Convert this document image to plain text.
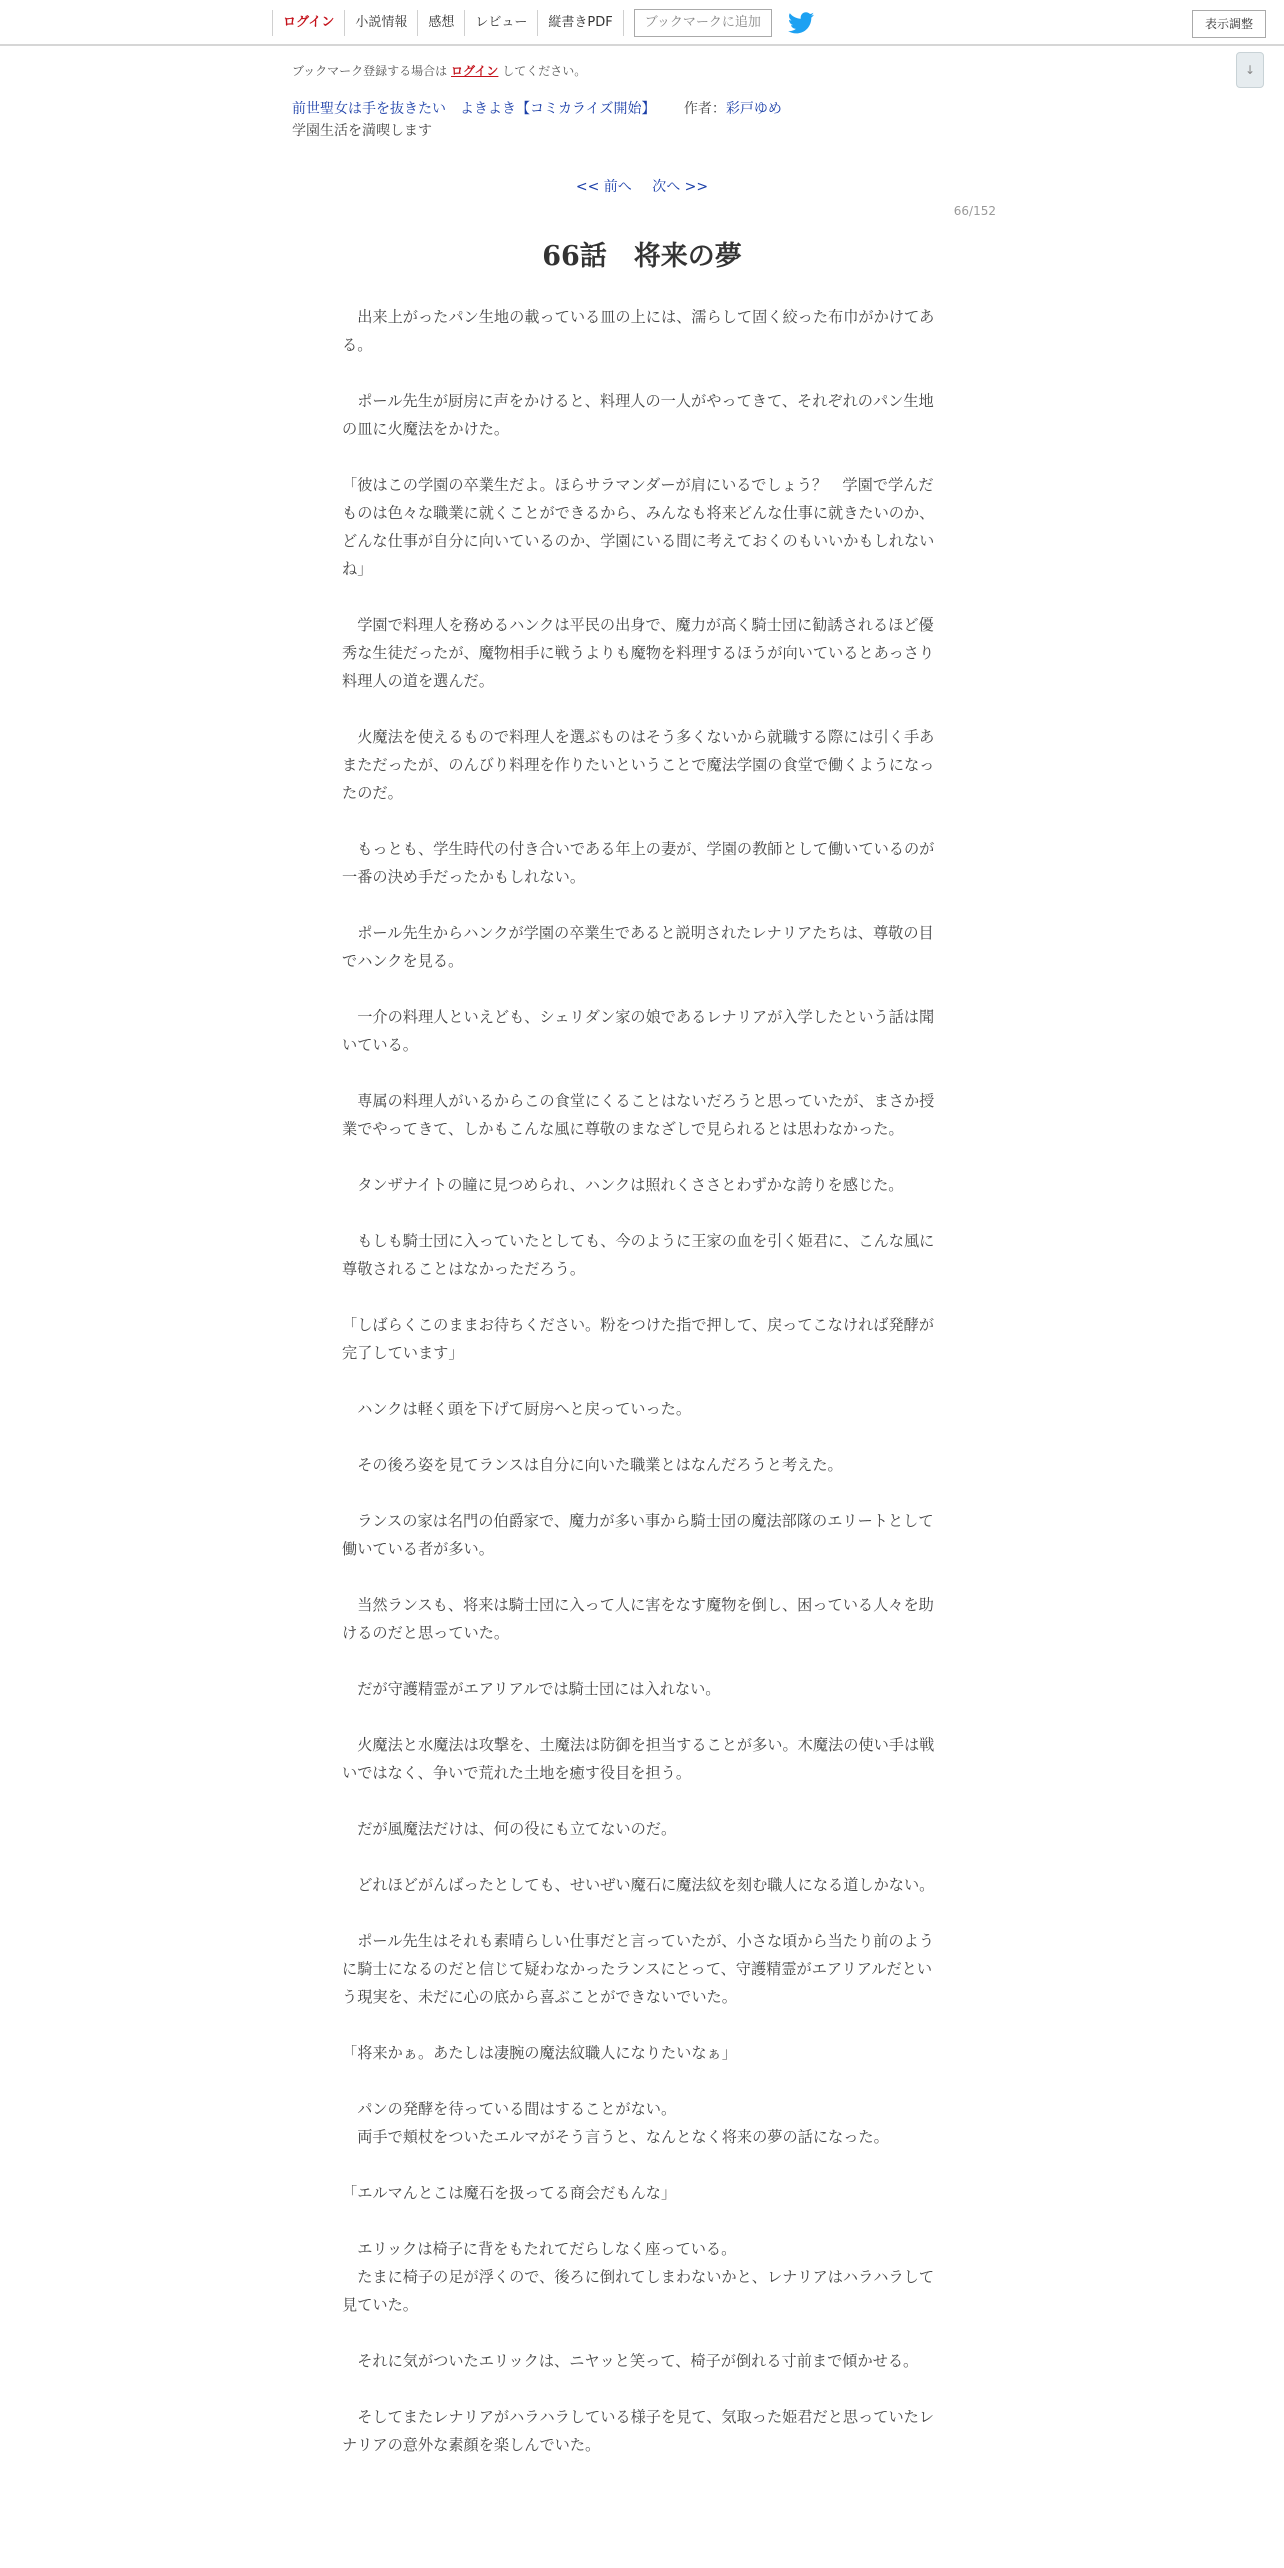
ログイン	小説情報	感想	レビュー	縦書きPDF	ブックマークに追加	表示調整
↓
ブックマーク登録する場合は ログイン してください。
前世聖女は手を抜きたい　よきよき【コミカライズ開始】 作者：彩戸ゆめ
学園生活を満喫します
<< 前へ 次へ >>
66/152
66話　将来の夢

　出来上がったパン生地の載っている皿の上には、濡らして固く絞った布巾がかけてある。

　ポール先生が厨房に声をかけると、料理人の一人がやってきて、それぞれのパン生地の皿に火魔法をかけた。

「彼はこの学園の卒業生だよ。ほらサラマンダーが肩にいるでしょう？　学園で学んだものは色々な職業に就くことができるから、みんなも将来どんな仕事に就きたいのか、どんな仕事が自分に向いているのか、学園にいる間に考えておくのもいいかもしれないね」

　学園で料理人を務めるハンクは平民の出身で、魔力が高く騎士団に勧誘されるほど優秀な生徒だったが、魔物相手に戦うよりも魔物を料理するほうが向いているとあっさり料理人の道を選んだ。

　火魔法を使えるもので料理人を選ぶものはそう多くないから就職する際には引く手あまただったが、のんびり料理を作りたいということで魔法学園の食堂で働くようになったのだ。

　もっとも、学生時代の付き合いである年上の妻が、学園の教師として働いているのが一番の決め手だったかもしれない。

　ポール先生からハンクが学園の卒業生であると説明されたレナリアたちは、尊敬の目でハンクを見る。

　一介の料理人といえども、シェリダン家の娘であるレナリアが入学したという話は聞いている。

　専属の料理人がいるからこの食堂にくることはないだろうと思っていたが、まさか授業でやってきて、しかもこんな風に尊敬のまなざしで見られるとは思わなかった。

　タンザナイトの瞳に見つめられ、ハンクは照れくささとわずかな誇りを感じた。

　もしも騎士団に入っていたとしても、今のように王家の血を引く姫君に、こんな風に尊敬されることはなかっただろう。

「しばらくこのままお待ちください。粉をつけた指で押して、戻ってこなければ発酵が完了しています」

　ハンクは軽く頭を下げて厨房へと戻っていった。

　その後ろ姿を見てランスは自分に向いた職業とはなんだろうと考えた。

　ランスの家は名門の伯爵家で、魔力が多い事から騎士団の魔法部隊のエリートとして働いている者が多い。

　当然ランスも、将来は騎士団に入って人に害をなす魔物を倒し、困っている人々を助けるのだと思っていた。

　だが守護精霊がエアリアルでは騎士団には入れない。

　火魔法と水魔法は攻撃を、土魔法は防御を担当することが多い。木魔法の使い手は戦いではなく、争いで荒れた土地を癒す役目を担う。

　だが風魔法だけは、何の役にも立てないのだ。

　どれほどがんばったとしても、せいぜい魔石に魔法紋を刻む職人になる道しかない。

　ポール先生はそれも素晴らしい仕事だと言っていたが、小さな頃から当たり前のように騎士になるのだと信じて疑わなかったランスにとって、守護精霊がエアリアルだという現実を、未だに心の底から喜ぶことができないでいた。

「将来かぁ。あたしは凄腕の魔法紋職人になりたいなぁ」

　パンの発酵を待っている間はすることがない。
　両手で頬杖をついたエルマがそう言うと、なんとなく将来の夢の話になった。

「エルマんとこは魔石を扱ってる商会だもんな」

　エリックは椅子に背をもたれてだらしなく座っている。
　たまに椅子の足が浮くので、後ろに倒れてしまわないかと、レナリアはハラハラして見ていた。

　それに気がついたエリックは、ニヤッと笑って、椅子が倒れる寸前まで傾かせる。

　そしてまたレナリアがハラハラしている様子を見て、気取った姫君だと思っていたレナリアの意外な素顔を楽しんでいた。
